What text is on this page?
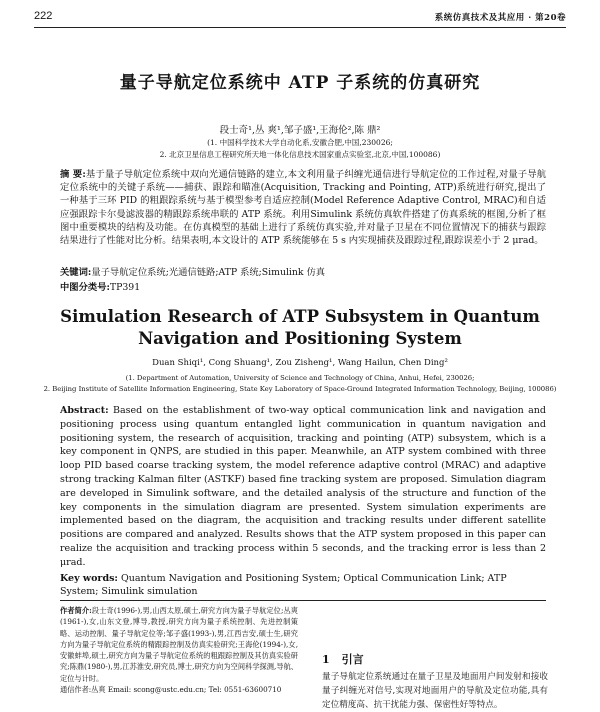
222	系统仿真技术及其应用 · 第20卷
量子导航定位系统中 ATP 子系统的仿真研究
段士奇¹,丛 爽¹,邹子盛¹,王海伦²,陈 鼎²
(1. 中国科学技术大学自动化系,安徽合肥,中国,230026;
2. 北京卫星信息工程研究所天地一体化信息技术国家重点实验室,北京,中国,100086)
摘 要:基于量子导航定位系统中双向光通信链路的建立,本文利用量子纠缠光通信进行导航定位的工作过程,对量子导航定位系统中的关键子系统——捕获、跟踪和瞄准(Acquisition, Tracking and Pointing, ATP)系统进行研究,提出了一种基于三环 PID 的粗跟踪系统与基于模型参考自适应控制(Model Reference Adaptive Control, MRAC)和自适应强跟踪卡尔曼滤波器的精跟踪系统串联的 ATP 系统。利用Simulink 系统仿真软件搭建了仿真系统的框图,分析了框图中重要模块的结构及功能。在仿真模型的基础上进行了系统仿真实验,并对量子卫星在不同位置情况下的捕获与跟踪结果进行了性能对比分析。结果表明,本文设计的 ATP 系统能够在 5 s 内实现捕获及跟踪过程,跟踪误差小于 2 μrad。
关键词:量子导航定位系统;光通信链路;ATP 系统;Simulink 仿真
中图分类号:TP391
Simulation Research of ATP Subsystem in Quantum
Navigation and Positioning System
Duan Shiqi¹, Cong Shuang¹, Zou Zisheng¹, Wang Hailun, Chen Ding²
(1. Department of Automation, University of Science and Technology of China, Anhui, Hefei, 230026;
2. Beijing Institute of Satellite Information Engineering, State Key Laboratory of Space-Ground Integrated Information Technology, Beijing, 100086)
Abstract: Based on the establishment of two-way optical communication link and navigation and positioning process using quantum entangled light communication in quantum navigation and positioning system, the research of acquisition, tracking and pointing (ATP) subsystem, which is a key component in QNPS, are studied in this paper. Meanwhile, an ATP system combined with three loop PID based coarse tracking system, the model reference adaptive control (MRAC) and adaptive strong tracking Kalman filter (ASTKF) based fine tracking system are proposed. Simulation diagram are developed in Simulink software, and the detailed analysis of the structure and function of the key components in the simulation diagram are presented. System simulation experiments are implemented based on the diagram, the acquisition and tracking results under different satellite positions are compared and analyzed. Results shows that the ATP system proposed in this paper can realize the acquisition and tracking process within 5 seconds, and the tracking error is less than 2 μrad.
Key words: Quantum Navigation and Positioning System; Optical Communication Link; ATP System; Simulink simulation
作者简介:段士奇(1996-),男,山西太原,硕士,研究方向为量子导航定位;丛爽(1961-),女,山东文登,博导,教授,研究方向为量子系统控制、先进控制策略、运动控制、量子导航定位等;邹子盛(1993-),男,江西吉安,硕士生,研究方向为量子导航定位系统的精跟踪控制及仿真实验研究;王海伦(1994-),女,安徽蚌埠,硕士,研究方向为量子导航定位系统的粗跟踪控制及其仿真实验研究;陈鼎(1980-),男,江苏淮安,研究员,博士,研究方向为空间科学探测,导航、定位与计时。
通信作者:丛爽 Email: scong@ustc.edu.cn; Tel: 0551-63600710
1 引言
量子导航定位系统通过在量子卫星及地面用户间发射和接收量子纠缠光对信号,实现对地面用户的导航及定位功能,具有定位精度高、抗干扰能力强、保密性好等特点。
